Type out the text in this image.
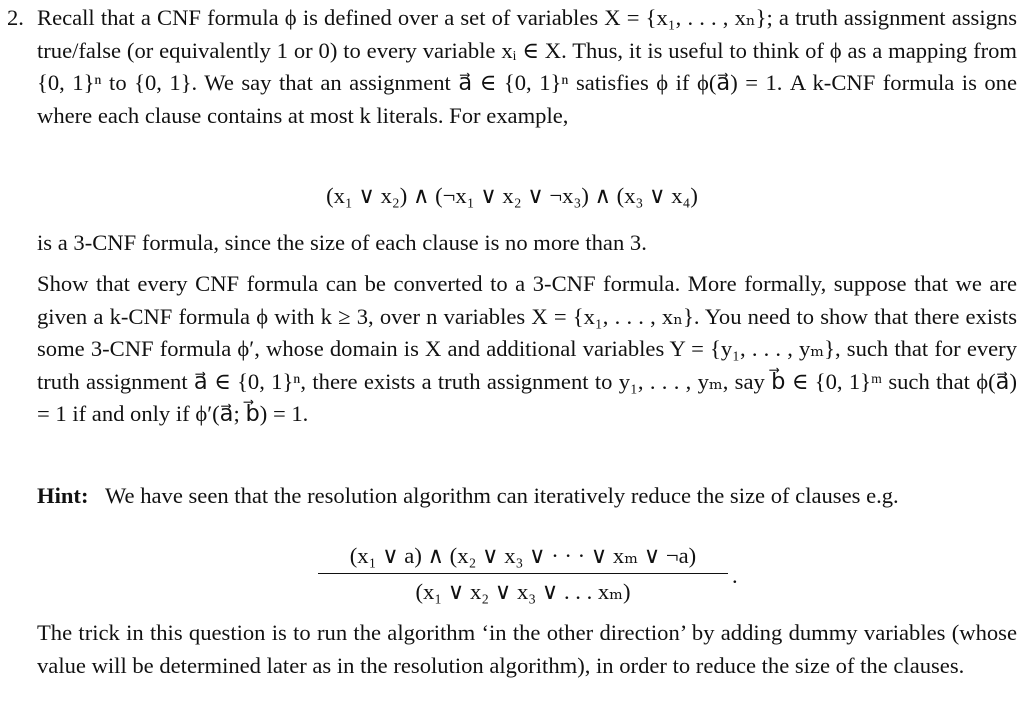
2. Recall that a CNF formula ϕ is defined over a set of variables X = {x₁, . . . , xₙ}; a truth assignment assigns true/false (or equivalently 1 or 0) to every variable xᵢ ∈ X. Thus, it is useful to think of ϕ as a mapping from {0, 1}ⁿ to {0, 1}. We say that an assignment a⃗ ∈ {0, 1}ⁿ satisfies ϕ if ϕ(a⃗) = 1. A k-CNF formula is one where each clause contains at most k literals. For example,
(x₁ ∨ x₂) ∧ (¬x₁ ∨ x₂ ∨ ¬x₃) ∧ (x₃ ∨ x₄)
is a 3-CNF formula, since the size of each clause is no more than 3.
Show that every CNF formula can be converted to a 3-CNF formula. More formally, suppose that we are given a k-CNF formula ϕ with k ≥ 3, over n variables X = {x₁, . . . , xₙ}. You need to show that there exists some 3-CNF formula ϕ′, whose domain is X and additional variables Y = {y₁, . . . , yₘ}, such that for every truth assignment a⃗ ∈ {0, 1}ⁿ, there exists a truth assignment to y₁, . . . , yₘ, say b⃗ ∈ {0, 1}ᵐ such that ϕ(a⃗) = 1 if and only if ϕ′(a⃗; b⃗) = 1.
Hint: We have seen that the resolution algorithm can iteratively reduce the size of clauses e.g.
(x₁ ∨ a) ∧ (x₂ ∨ x₃ ∨ · · · ∨ xₘ ∨ ¬a)
(x₁ ∨ x₂ ∨ x₃ ∨ . . . xₘ)
.
The trick in this question is to run the algorithm ‘in the other direction’ by adding dummy variables (whose value will be determined later as in the resolution algorithm), in order to reduce the size of the clauses.
